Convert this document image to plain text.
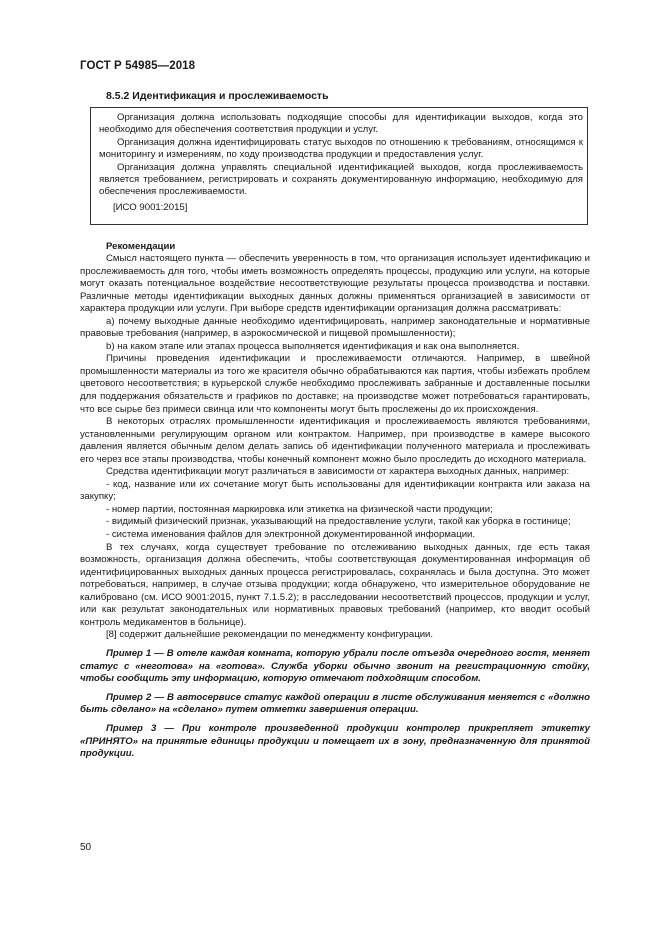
ГОСТ Р 54985—2018
8.5.2 Идентификация и прослеживаемость

Организация должна использовать подходящие способы для идентификации выходов, когда это необходимо для обеспечения соответствия продукции и услуг.

Организация должна идентифицировать статус выходов по отношению к требованиям, относящимся к мониторингу и измерениям, по ходу производства продукции и предоставления услуг.

Организация должна управлять специальной идентификацией выходов, когда прослеживаемость является требованием, регистрировать и сохранять документированную информацию, необходимую для обеспечения прослеживаемости.

[ИСО 9001:2015]

Рекомендации

Смысл настоящего пункта — обеспечить уверенность в том, что организация использует идентификацию и прослеживаемость для того, чтобы иметь возможность определять процессы, продукцию или услуги, на которые могут оказать потенциальное воздействие несоответствующие результаты процесса производства и поставки. Различные методы идентификации выходных данных должны применяться организацией в зависимости от характера продукции или услуги. При выборе средств идентификации организация должна рассматривать:

a) почему выходные данные необходимо идентифицировать, например законодательные и нормативные правовые требования (например, в аэрокосмической и пищевой промышленности);

b) на каком этапе или этапах процесса выполняется идентификация и как она выполняется.

Причины проведения идентификации и прослеживаемости отличаются. Например, в швейной промышленности материалы из того же красителя обычно обрабатываются как партия, чтобы избежать проблем цветового несоответствия; в курьерской службе необходимо прослеживать забранные и доставленные посылки для поддержания обязательств и графиков по доставке; на производстве может потребоваться гарантировать, что все сырье без примеси свинца или что компоненты могут быть прослежены до их происхождения.

В некоторых отраслях промышленности идентификация и прослеживаемость являются требованиями, установленными регулирующим органом или контрактом. Например, при производстве в камере высокого давления является обычным делом делать запись об идентификации полученного материала и прослеживать его через все этапы производства, чтобы конечный компонент можно было проследить до исходного материала.

Средства идентификации могут различаться в зависимости от характера выходных данных, например:

- код, название или их сочетание могут быть использованы для идентификации контракта или заказа на закупку;

- номер партии, постоянная маркировка или этикетка на физической части продукции;

- видимый физический признак, указывающий на предоставление услуги, такой как уборка в гостинице;

- система именования файлов для электронной документированной информации.

В тех случаях, когда существует требование по отслеживанию выходных данных, где есть такая возможность, организация должна обеспечить, чтобы соответствующая документированная информация об идентифицированных выходных данных процесса регистрировалась, сохранялась и была доступна. Это может потребоваться, например, в случае отзыва продукции; когда обнаружено, что измерительное оборудование не калибровано (см. ИСО 9001:2015, пункт 7.1.5.2); в расследовании несоответствий процессов, продукции и услуг, или как результат законодательных или нормативных правовых требований (например, кто вводит особый контроль медикаментов в больнице).

[8] содержит дальнейшие рекомендации по менеджменту конфигурации.

Пример 1 — В отеле каждая комната, которую убрали после отъезда очередного гостя, меняет статус с «неготова» на «готова». Служба уборки обычно звонит на регистрационную стойку, чтобы сообщить эту информацию, которую отмечают подходящим способом.

Пример 2 — В автосервисе статус каждой операции в листе обслуживания меняется с «должно быть сделано» на «сделано» путем отметки завершения операции.

Пример 3 — При контроле произведенной продукции контролер прикрепляет этикетку «ПРИНЯТО» на принятые единицы продукции и помещает их в зону, предназначенную для принятой продукции.

50
